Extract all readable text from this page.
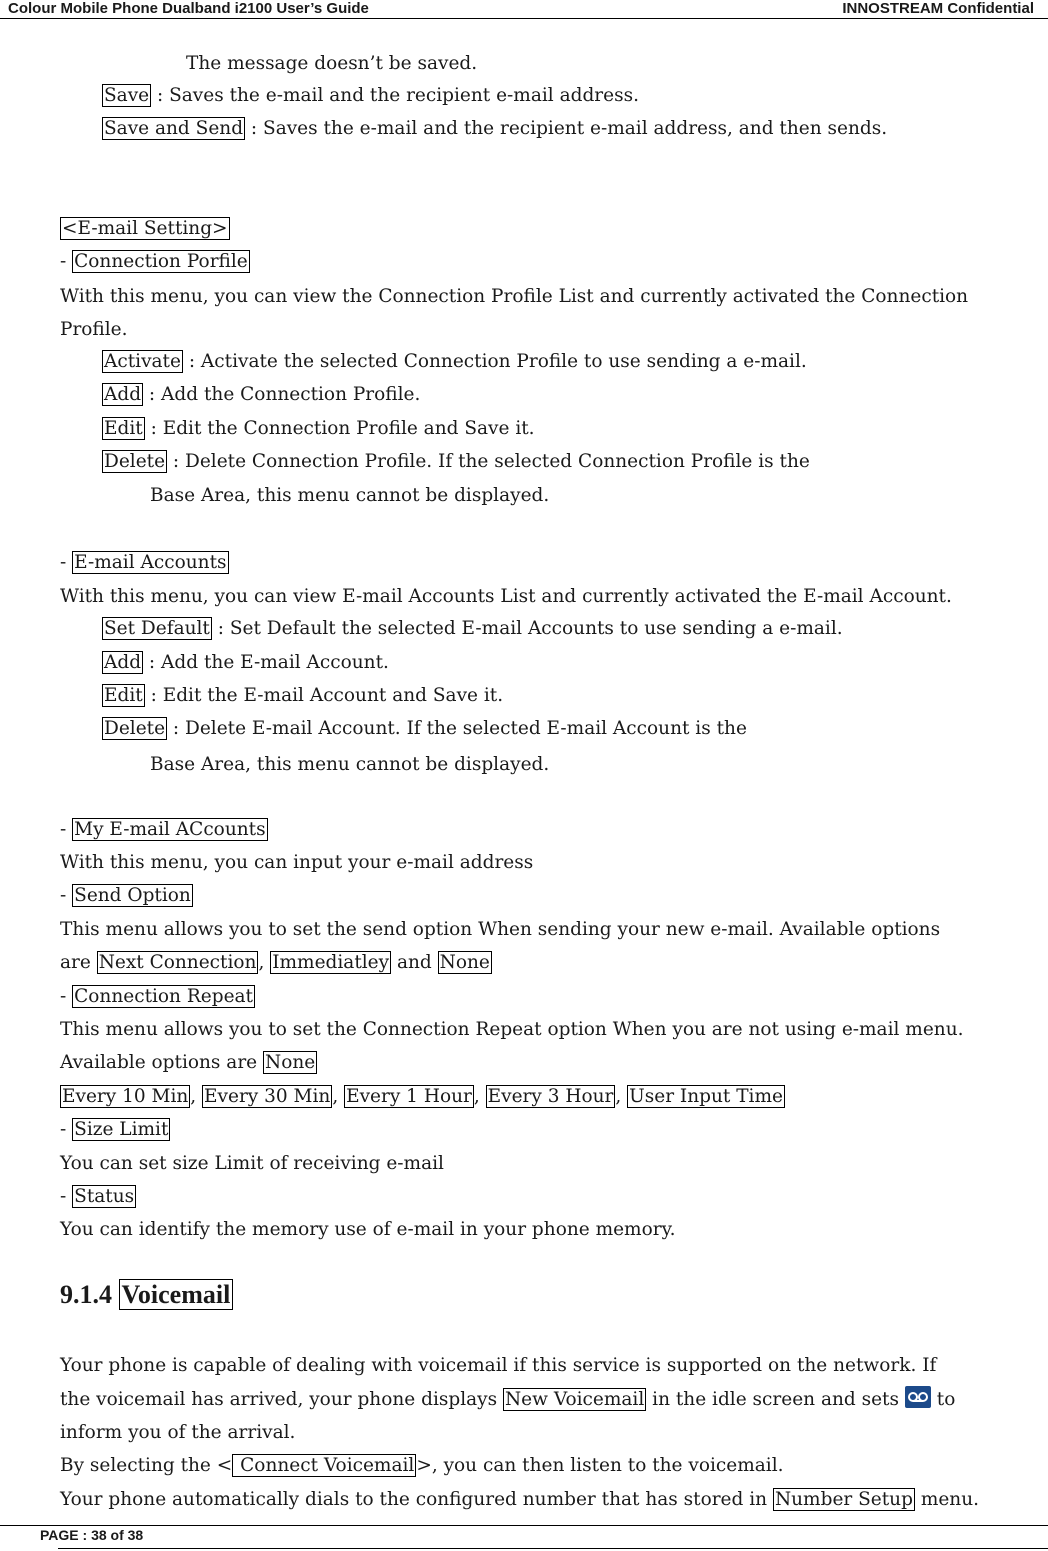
Colour Mobile Phone Dualband i2100 User’s Guide	INNOSTREAM Confidential
The message doesn’t be saved.
Save : Saves the e-mail and the recipient e-mail address.
Save and Send : Saves the e-mail and the recipient e-mail address, and then sends.
<E-mail Setting>
- Connection Porfile
With this menu, you can view the Connection Profile List and currently activated the Connection
Profile.
Activate : Activate the selected Connection Profile to use sending a e-mail.
Add : Add the Connection Profile.
Edit : Edit the Connection Profile and Save it.
Delete : Delete Connection Profile. If the selected Connection Profile is the
Base Area, this menu cannot be displayed.
- E-mail Accounts
With this menu, you can view E-mail Accounts List and currently activated the E-mail Account.
Set Default : Set Default the selected E-mail Accounts to use sending a e-mail.
Add : Add the E-mail Account.
Edit : Edit the E-mail Account and Save it.
Delete : Delete E-mail Account. If the selected E-mail Account is the
Base Area, this menu cannot be displayed.
- My E-mail ACcounts
With this menu, you can input your e-mail address
- Send Option
This menu allows you to set the send option When sending your new e-mail. Available options
are Next Connection , Immediatley and None
- Connection Repeat
This menu allows you to set the Connection Repeat option When you are not using e-mail menu.
Available options are None
Every 10 Min , Every 30 Min , Every 1 Hour , Every 3 Hour , User Input Time
- Size Limit
You can set size Limit of receiving e-mail
- Status
You can identify the memory use of e-mail in your phone memory.
9.1.4 Voicemail
Your phone is capable of dealing with voicemail if this service is supported on the network. If
the voicemail has arrived, your phone displays New Voicemail in the idle screen and sets  to
inform you of the arrival.
By selecting the < Connect Voicemail >, you can then listen to the voicemail.
Your phone automatically dials to the configured number that has stored in Number Setup menu.
PAGE : 38 of 38
